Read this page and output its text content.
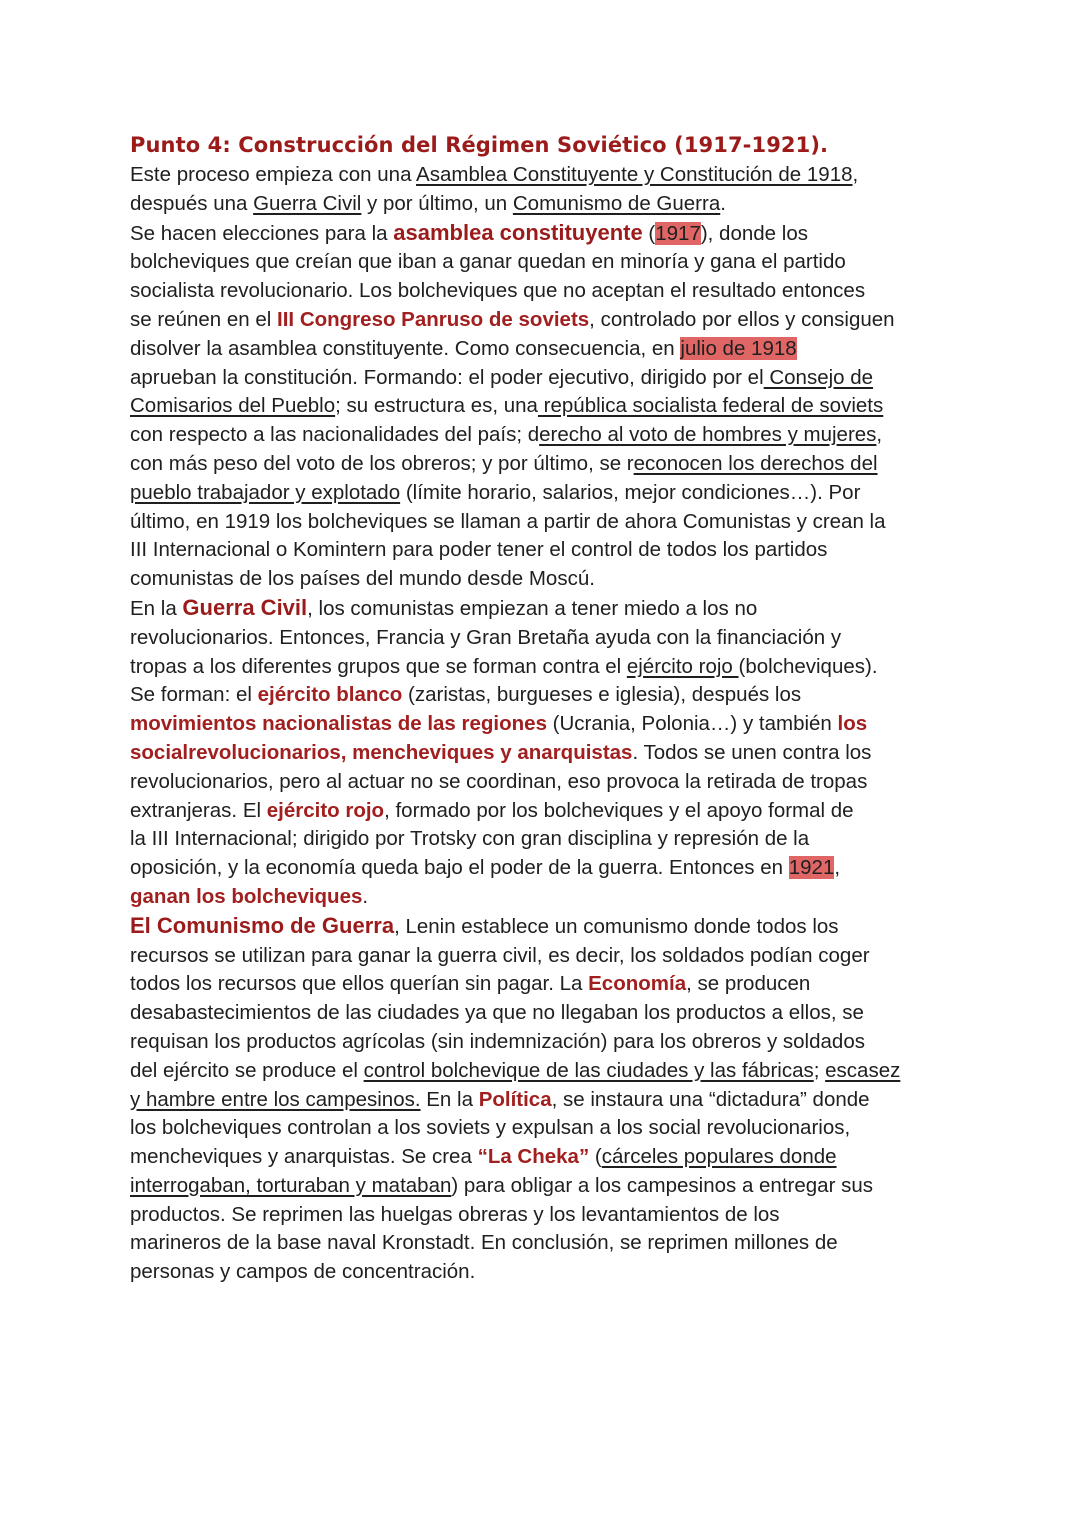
Punto 4: Construcción del Régimen Soviético (1917-1921).
Este proceso empieza con una Asamblea Constituyente y Constitución de 1918,
después una Guerra Civil y por último, un Comunismo de Guerra.
Se hacen elecciones para la asamblea constituyente (1917), donde los
bolcheviques que creían que iban a ganar quedan en minoría y gana el partido
socialista revolucionario. Los bolcheviques que no aceptan el resultado entonces
se reúnen en el III Congreso Panruso de soviets, controlado por ellos y consiguen
disolver la asamblea constituyente. Como consecuencia, en julio de 1918
aprueban la constitución. Formando: el poder ejecutivo, dirigido por el Consejo de
Comisarios del Pueblo; su estructura es, una república socialista federal de soviets
con respecto a las nacionalidades del país; derecho al voto de hombres y mujeres,
con más peso del voto de los obreros; y por último, se reconocen los derechos del
pueblo trabajador y explotado (límite horario, salarios, mejor condiciones…). Por
último, en 1919 los bolcheviques se llaman a partir de ahora Comunistas y crean la
III Internacional o Komintern para poder tener el control de todos los partidos
comunistas de los países del mundo desde Moscú.
En la Guerra Civil, los comunistas empiezan a tener miedo a los no
revolucionarios. Entonces, Francia y Gran Bretaña ayuda con la financiación y
tropas a los diferentes grupos que se forman contra el ejército rojo (bolcheviques).
Se forman: el ejército blanco (zaristas, burgueses e iglesia), después los
movimientos nacionalistas de las regiones (Ucrania, Polonia…) y también los
socialrevolucionarios, mencheviques y anarquistas. Todos se unen contra los
revolucionarios, pero al actuar no se coordinan, eso provoca la retirada de tropas
extranjeras. El ejército rojo, formado por los bolcheviques y el apoyo formal de
la III Internacional; dirigido por Trotsky con gran disciplina y represión de la
oposición, y la economía queda bajo el poder de la guerra. Entonces en 1921,
ganan los bolcheviques.
El Comunismo de Guerra, Lenin establece un comunismo donde todos los
recursos se utilizan para ganar la guerra civil, es decir, los soldados podían coger
todos los recursos que ellos querían sin pagar. La Economía, se producen
desabastecimientos de las ciudades ya que no llegaban los productos a ellos, se
requisan los productos agrícolas (sin indemnización) para los obreros y soldados
del ejército se produce el control bolchevique de las ciudades y las fábricas; escasez
y hambre entre los campesinos. En la Política, se instaura una “dictadura” donde
los bolcheviques controlan a los soviets y expulsan a los social revolucionarios,
mencheviques y anarquistas. Se crea “La Cheka” (cárceles populares donde
interrogaban, torturaban y mataban) para obligar a los campesinos a entregar sus
productos. Se reprimen las huelgas obreras y los levantamientos de los
marineros de la base naval Kronstadt. En conclusión, se reprimen millones de
personas y campos de concentración.
